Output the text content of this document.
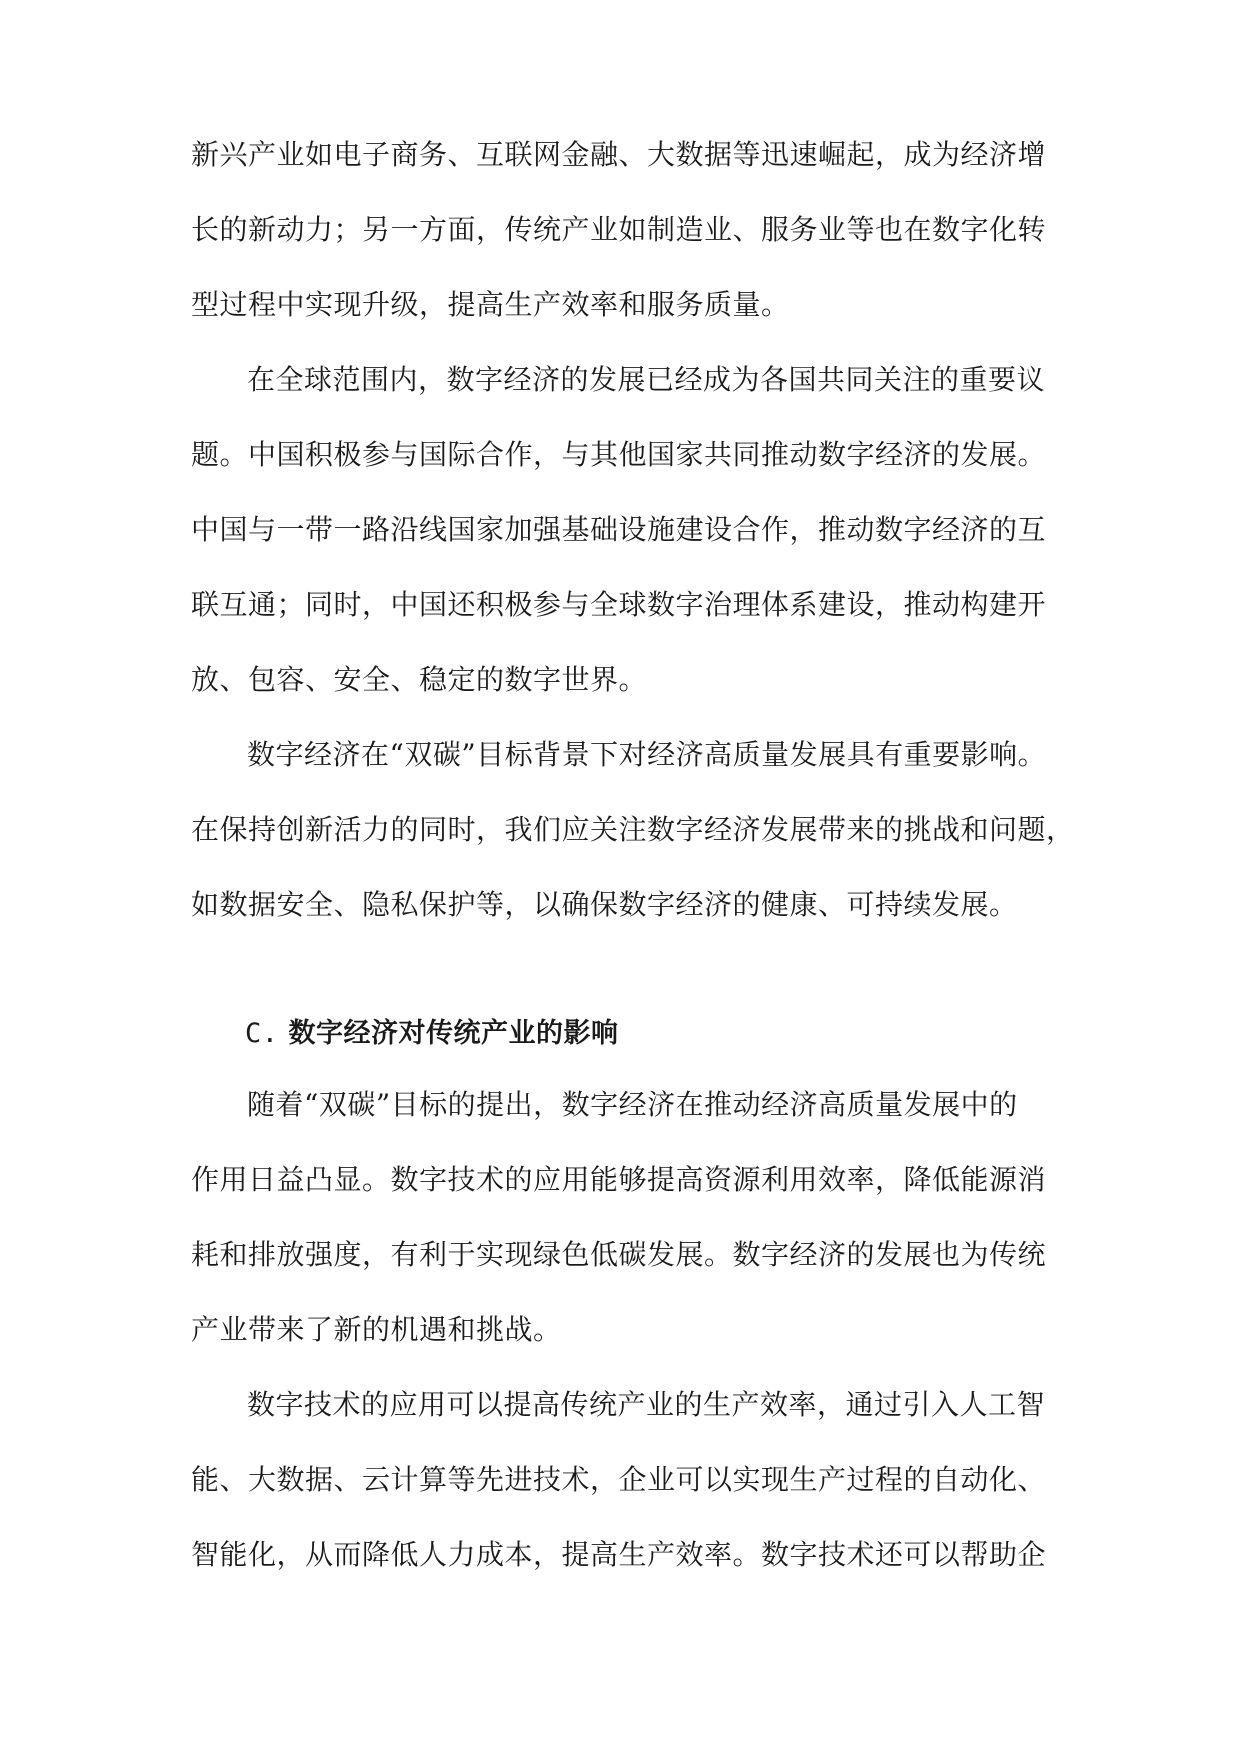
新兴产业如电子商务、互联网金融、大数据等迅速崛起，成为经济增
长的新动力；另一方面，传统产业如制造业、服务业等也在数字化转
型过程中实现升级，提高生产效率和服务质量。
在全球范围内，数字经济的发展已经成为各国共同关注的重要议
题。中国积极参与国际合作，与其他国家共同推动数字经济的发展。
中国与一带一路沿线国家加强基础设施建设合作，推动数字经济的互
联互通；同时，中国还积极参与全球数字治理体系建设，推动构建开
放、包容、安全、稳定的数字世界。
数字经济在“双碳”目标背景下对经济高质量发展具有重要影响。
在保持创新活力的同时，我们应关注数字经济发展带来的挑战和问题，
如数据安全、隐私保护等，以确保数字经济的健康、可持续发展。
C. 数字经济对传统产业的影响
随着“双碳”目标的提出，数字经济在推动经济高质量发展中的
作用日益凸显。数字技术的应用能够提高资源利用效率，降低能源消
耗和排放强度，有利于实现绿色低碳发展。数字经济的发展也为传统
产业带来了新的机遇和挑战。
数字技术的应用可以提高传统产业的生产效率，通过引入人工智
能、大数据、云计算等先进技术，企业可以实现生产过程的自动化、
智能化，从而降低人力成本，提高生产效率。数字技术还可以帮助企
